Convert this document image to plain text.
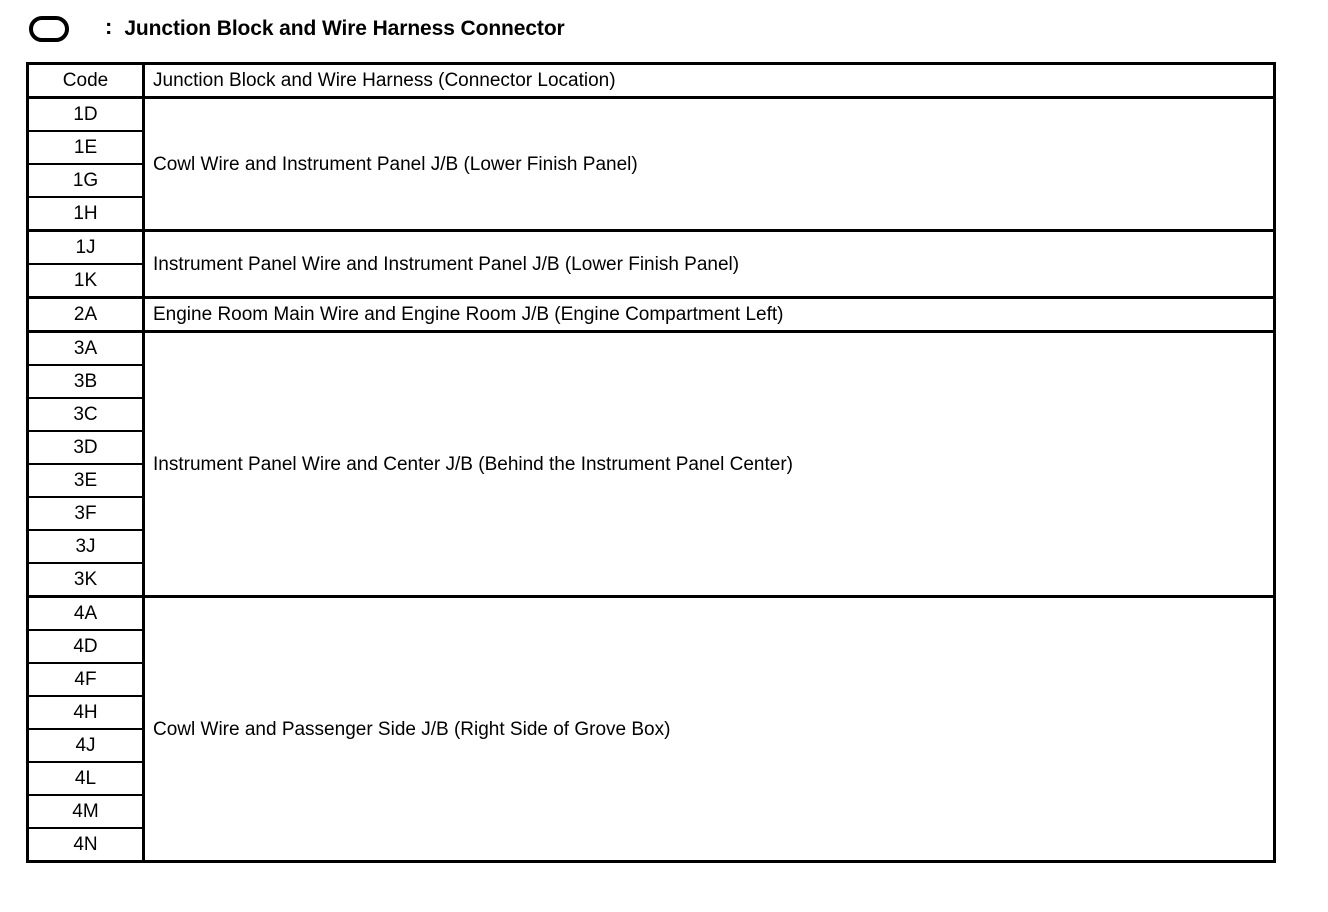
: Junction Block and Wire Harness Connector
Code	Junction Block and Wire Harness (Connector Location)
1D	Cowl Wire and Instrument Panel J/B (Lower Finish Panel)
1E	
1G	
1H	
1J	Instrument Panel Wire and Instrument Panel J/B (Lower Finish Panel)
1K	
2A	Engine Room Main Wire and Engine Room J/B (Engine Compartment Left)
3A	Instrument Panel Wire and Center J/B (Behind the Instrument Panel Center)
3B	
3C	
3D	
3E	
3F	
3J	
3K	
4A	Cowl Wire and Passenger Side J/B (Right Side of Grove Box)
4D	
4F	
4H	
4J	
4L	
4M	
4N	
